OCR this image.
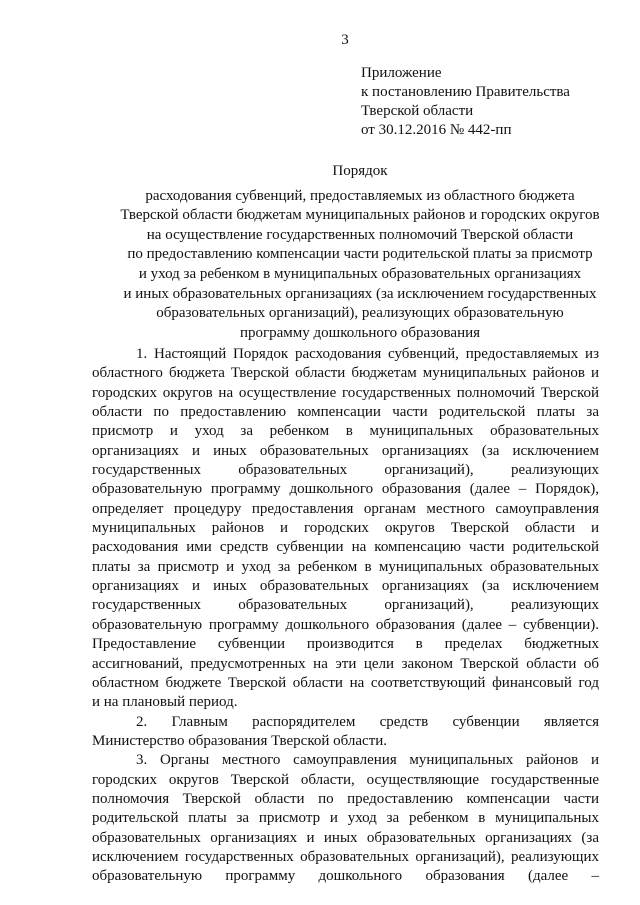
3
Приложение
к постановлению Правительства
Тверской области
от 30.12.2016 № 442-пп
Порядок
расходования субвенций, предоставляемых из областного бюджета
Тверской области бюджетам муниципальных районов и городских округов
на осуществление государственных полномочий Тверской области
по предоставлению компенсации части родительской платы за присмотр
и уход за ребенком в муниципальных образовательных организациях
и иных образовательных организациях (за исключением государственных
образовательных организаций), реализующих образовательную
программу дошкольного образования
1. Настоящий Порядок расходования субвенций, предоставляемых из
областного бюджета Тверской области бюджетам муниципальных районов и
городских округов на осуществление государственных полномочий Тверской
области по предоставлению компенсации части родительской платы за
присмотр и уход за ребенком в муниципальных образовательных
организациях и иных образовательных организациях (за исключением
государственных образовательных организаций), реализующих
образовательную программу дошкольного образования (далее – Порядок),
определяет процедуру предоставления органам местного самоуправления
муниципальных районов и городских округов Тверской области и
расходования ими средств субвенции на компенсацию части родительской
платы за присмотр и уход за ребенком в муниципальных образовательных
организациях и иных образовательных организациях (за исключением
государственных образовательных организаций), реализующих
образовательную программу дошкольного образования (далее – субвенции).
Предоставление субвенции производится в пределах бюджетных
ассигнований, предусмотренных на эти цели законом Тверской области об
областном бюджете Тверской области на соответствующий финансовый год
и на плановый период.
2. Главным распорядителем средств субвенции является
Министерство образования Тверской области.
3. Органы местного самоуправления муниципальных районов и
городских округов Тверской области, осуществляющие государственные
полномочия Тверской области по предоставлению компенсации части
родительской платы за присмотр и уход за ребенком в муниципальных
образовательных организациях и иных образовательных организациях (за
исключением государственных образовательных организаций), реализующих
образовательную программу дошкольного образования (далее –
